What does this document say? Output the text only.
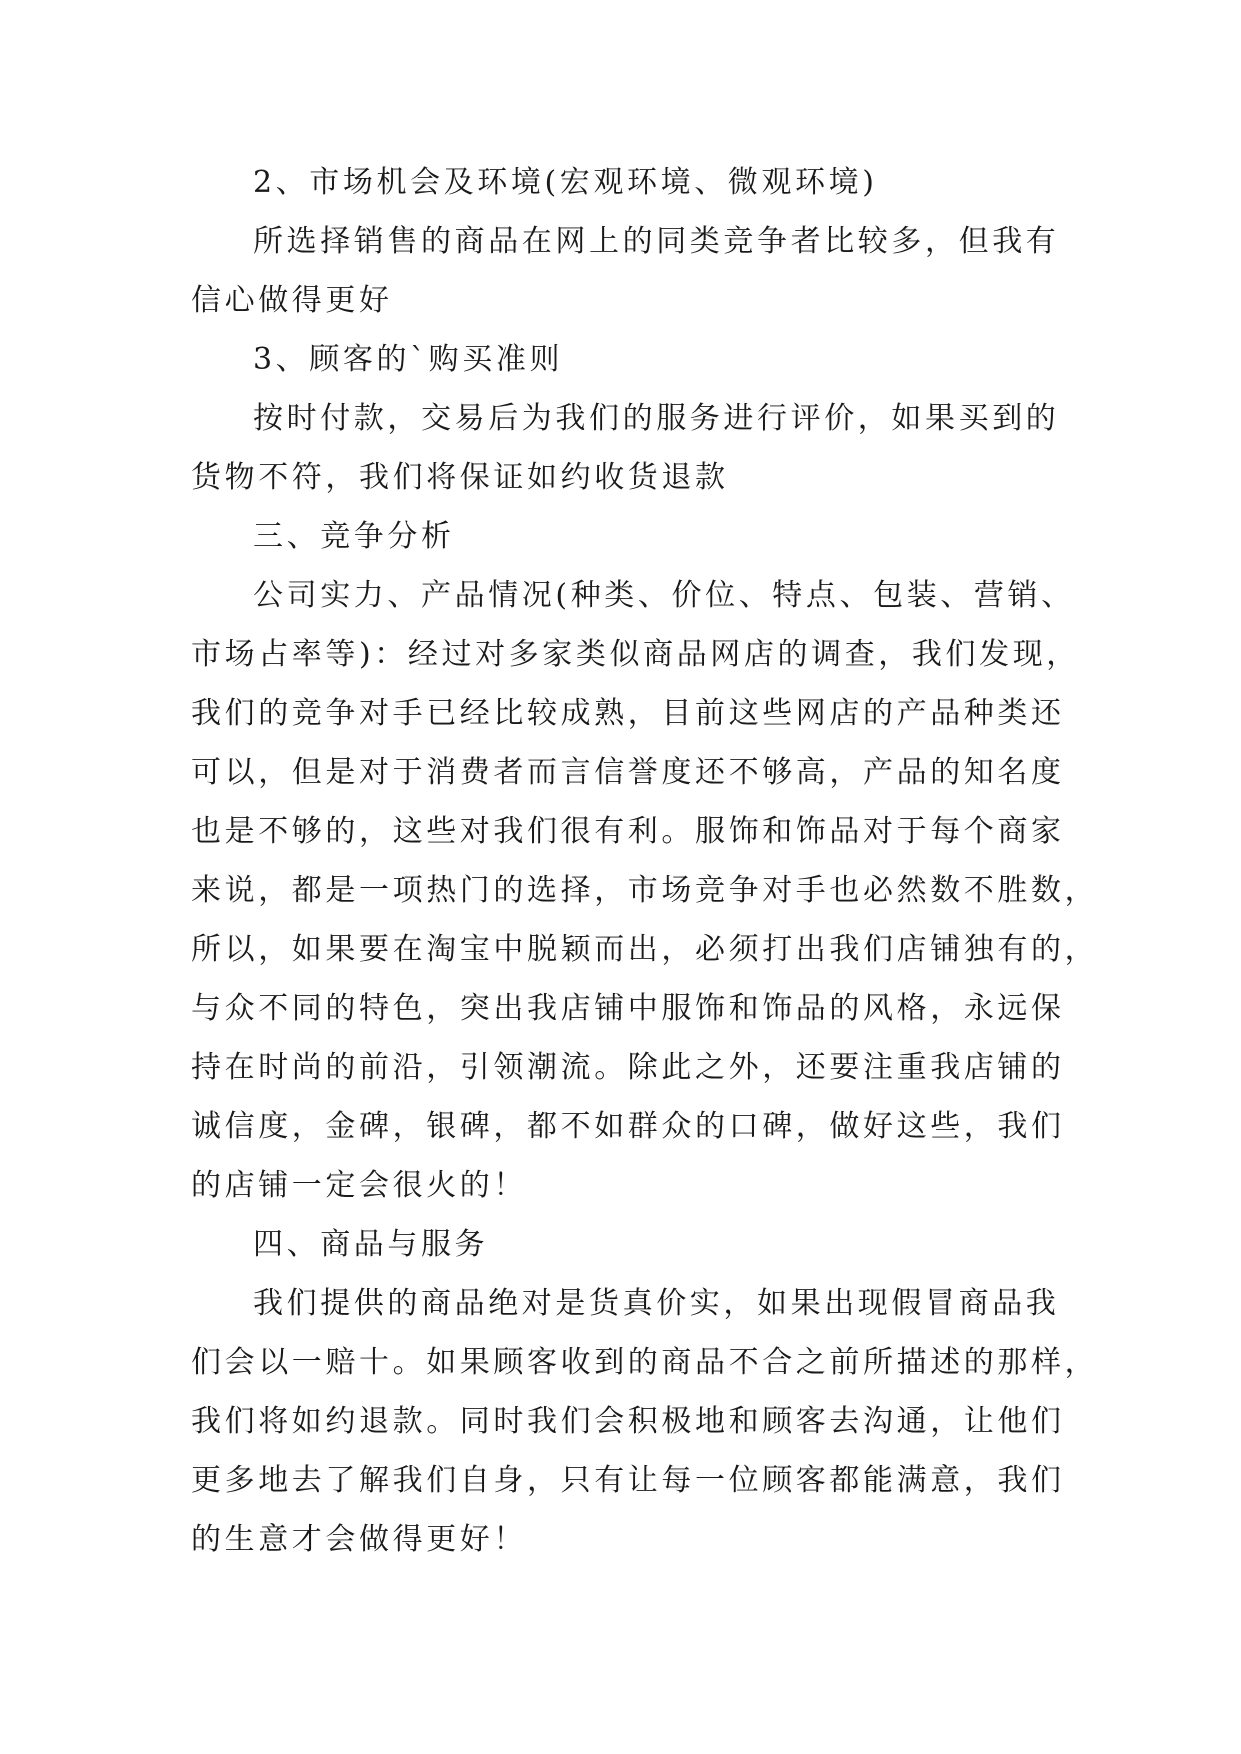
2、市场机会及环境(宏观环境、微观环境)
所选择销售的商品在网上的同类竞争者比较多，但我有
信心做得更好
3、顾客的`购买准则
按时付款，交易后为我们的服务进行评价，如果买到的
货物不符，我们将保证如约收货退款
三、竞争分析
公司实力、产品情况(种类、价位、特点、包装、营销、
市场占率等)：经过对多家类似商品网店的调查，我们发现，
我们的竞争对手已经比较成熟，目前这些网店的产品种类还
可以，但是对于消费者而言信誉度还不够高，产品的知名度
也是不够的，这些对我们很有利。服饰和饰品对于每个商家
来说，都是一项热门的选择，市场竞争对手也必然数不胜数，
所以，如果要在淘宝中脱颖而出，必须打出我们店铺独有的，
与众不同的特色，突出我店铺中服饰和饰品的风格，永远保
持在时尚的前沿，引领潮流。除此之外，还要注重我店铺的
诚信度，金碑，银碑，都不如群众的口碑，做好这些，我们
的店铺一定会很火的！
四、商品与服务
我们提供的商品绝对是货真价实，如果出现假冒商品我
们会以一赔十。如果顾客收到的商品不合之前所描述的那样，
我们将如约退款。同时我们会积极地和顾客去沟通，让他们
更多地去了解我们自身，只有让每一位顾客都能满意，我们
的生意才会做得更好！
